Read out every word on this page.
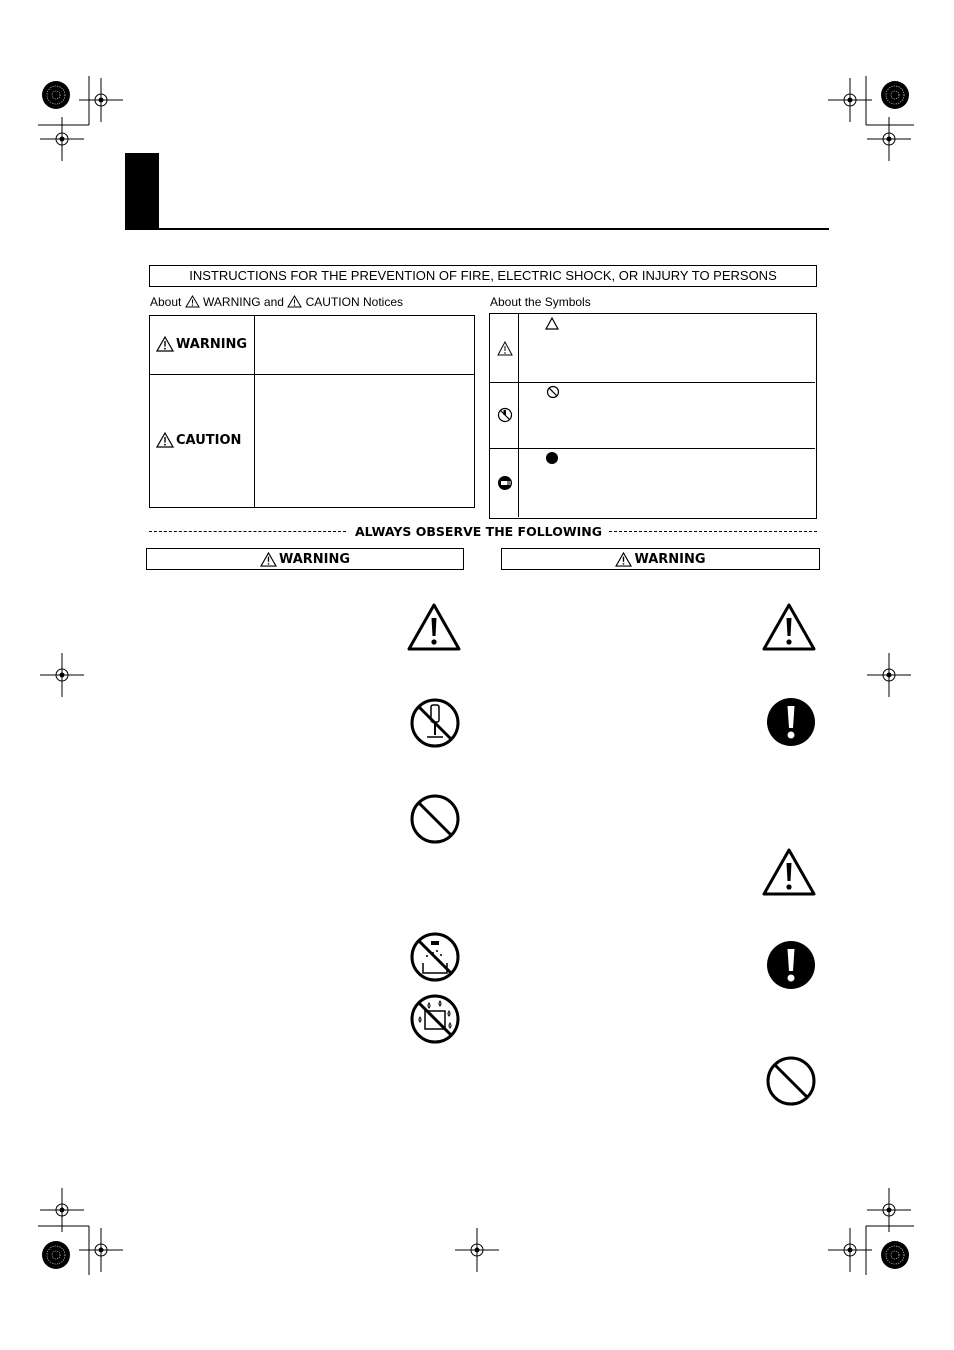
INSTRUCTIONS FOR THE PREVENTION OF FIRE, ELECTRIC SHOCK, OR INJURY TO PERSONS
About WARNING and CAUTION Notices	About the Symbols
WARNING
CAUTION
ALWAYS OBSERVE THE FOLLOWING
WARNING	WARNING
